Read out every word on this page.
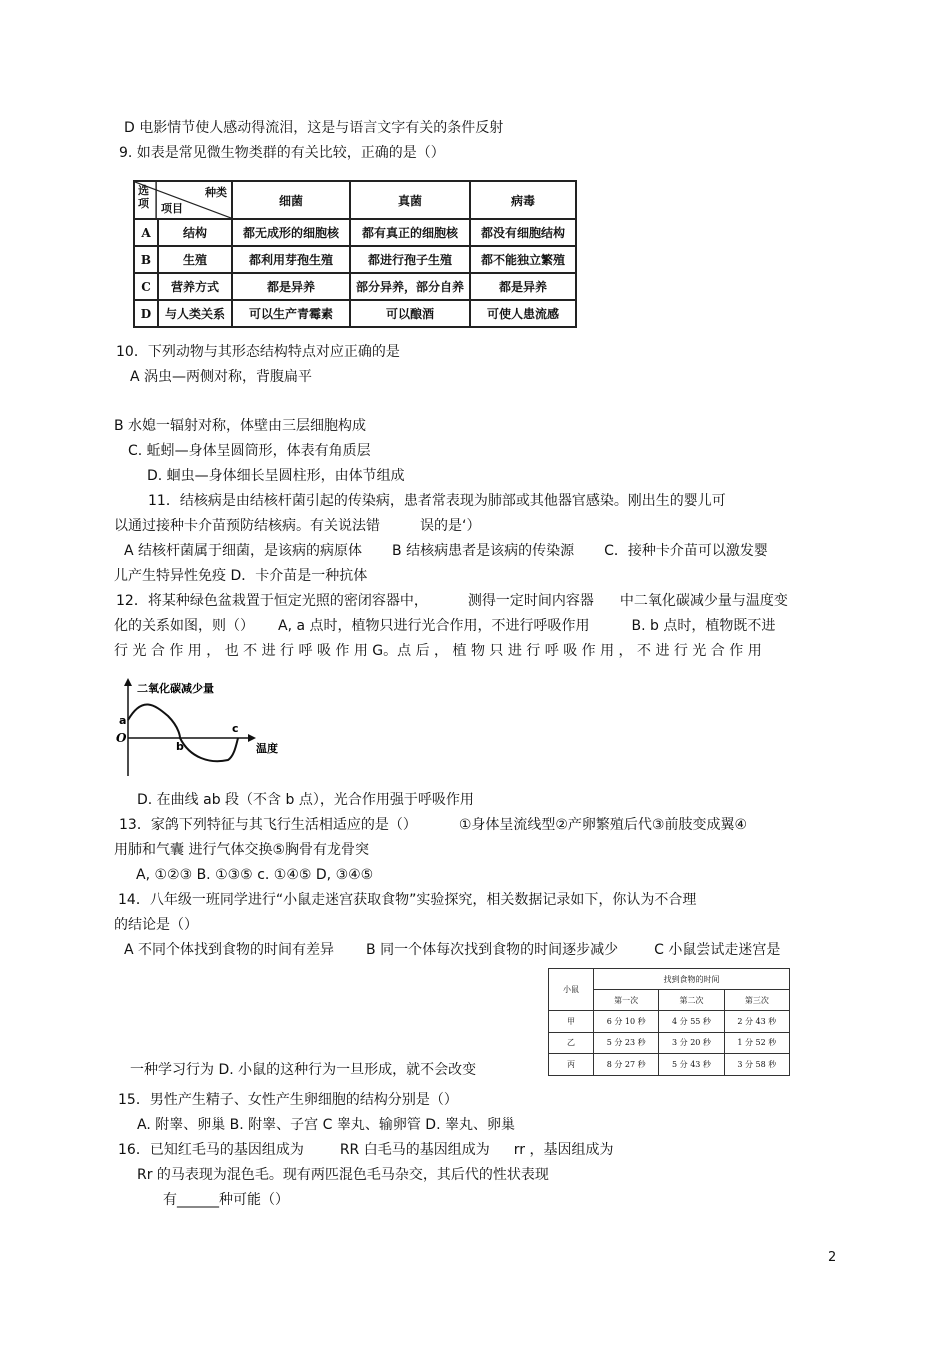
D 电影情节使人感动得流泪，这是与语言文字有关的条件反射
9. 如表是常见微生物类群的有关比较，正确的是（）
选
项
种类
项目		细菌	真菌	病毒
A	结构	都无成形的细胞核	都有真正的细胞核	都没有细胞结构
B	生殖	都利用芽孢生殖	都进行孢子生殖	都不能独立繁殖
C	营养方式	都是异养	部分异养，部分自养	都是异养
D	与人类关系	可以生产青霉素	可以酿酒	可使人患流感
10．下列动物与其形态结构特点对应正确的是
A 涡虫—两侧对称，背腹扁平
B 水媳一辐射对称，体壁由三层细胞构成
C. 蚯蚓—身体呈圆筒形，体表有角质层
D. 蛔虫—身体细长呈圆柱形，由体节组成
11．结核病是由结核杆菌引起的传染病，患者常表现为肺部或其他器官感染。刚出生的婴儿可
以通过接种卡介苗预防结核病。有关说法错	误的是‘）
A 结核杆菌属于细菌，是该病的病原体 B 结核病患者是该病的传染源 C．接种卡介苗可以激发婴
儿产生特异性免疫 D．卡介苗是一种抗体
12．将某种绿色盆栽置于恒定光照的密闭容器中，	测得一定时间内容器 中二氧化碳减少量与温度变
化的关系如图，则（） A, a 点时，植物只进行光合作用，不进行呼吸作用	B. b 点时，植物既不进
行 光 合 作 用 ， 也 不 进 行 呼 吸 作 用 G。点 后 ， 植 物 只 进 行 呼 吸 作 用 ， 不 进 行 光 合 作 用
二氧化碳减少量
温度
O
a
b
c
D. 在曲线 ab 段（不含 b 点），光合作用强于呼吸作用
13．家鸽下列特征与其飞行生活相适应的是（）	①身体呈流线型②产卵繁殖后代③前肢变成翼④
用肺和气囊 进行气体交换⑤胸骨有龙骨突
A, ①②③ B. ①③⑤ c. ①④⑤ D, ③④⑤
14．八年级一班同学进行“小鼠走迷宫获取食物”实验探究，相关数据记录如下，你认为不合理
的结论是（）
A 不同个体找到食物的时间有差异 B 同一个体每次找到食物的时间逐步减少	C 小鼠尝试走迷宫是
小鼠	找到食物的时间		
	第一次	第二次	第三次
甲	6 分 10 秒	4 分 55 秒	2 分 43 秒
乙	5 分 23 秒	3 分 20 秒	1 分 52 秒
丙	8 分 27 秒	5 分 43 秒	3 分 58 秒
一种学习行为 D. 小鼠的这种行为一旦形成，就不会改变
15．男性产生精子、女性产生卵细胞的结构分别是（）
A. 附睾、卵巢 B. 附睾、子宫 C 睾丸、输卵管 D. 睾丸、卵巢
16．已知红毛马的基因组成为	RR 白毛马的基因组成为 rr ，基因组成为
Rr 的马表现为混色毛。现有两匹混色毛马杂交，其后代的性状表现
有______种可能（）
2
